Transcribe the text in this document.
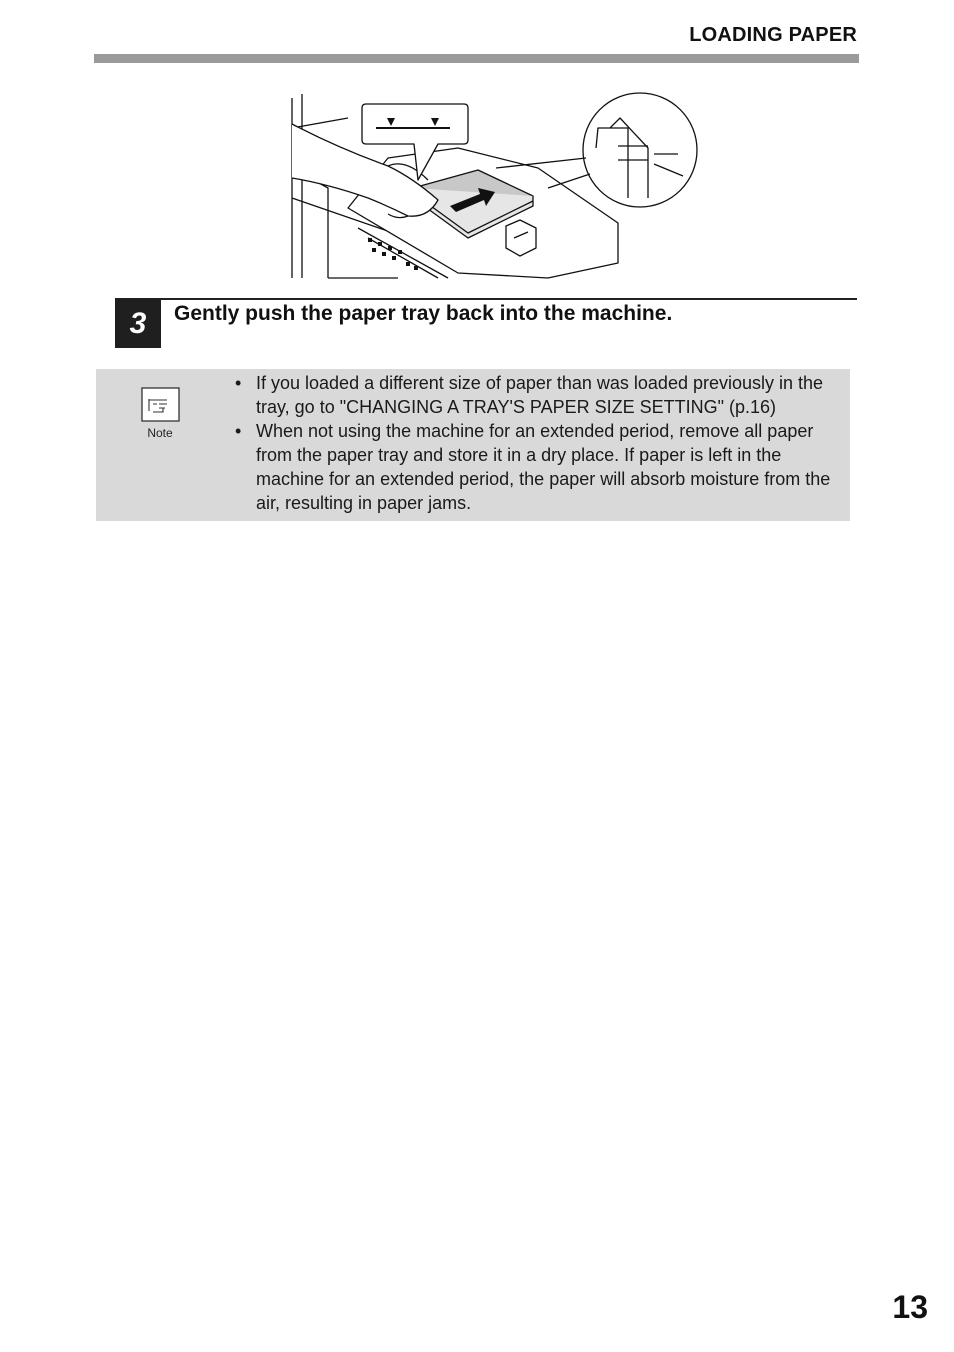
LOADING PAPER
3	Gently push the paper tray back into the machine.
Note
• If you loaded a different size of paper than was loaded previously in the tray, go to "CHANGING A TRAY'S PAPER SIZE SETTING" (p.16)
• When not using the machine for an extended period, remove all paper from the paper tray and store it in a dry place. If paper is left in the machine for an extended period, the paper will absorb moisture from the air, resulting in paper jams.
13
